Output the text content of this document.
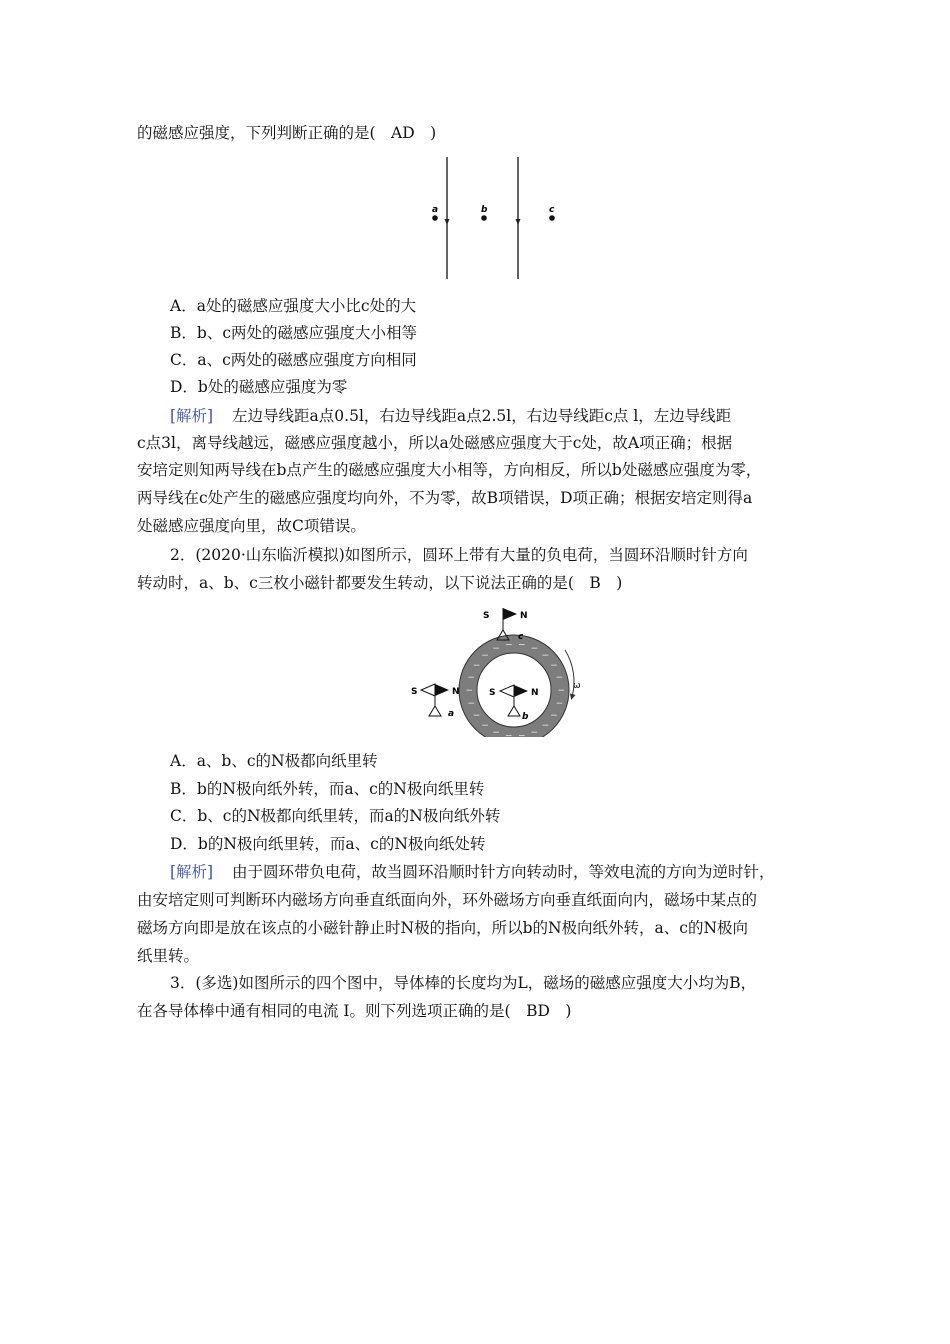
的磁感应强度，下列判断正确的是(　AD　)
a	b	c
A．a处的磁感应强度大小比c处的大
B．b、c两处的磁感应强度大小相等
C．a、c两处的磁感应强度方向相同
D．b处的磁感应强度为零
[解析] 左边导线距a点0.5l，右边导线距a点2.5l，右边导线距c点 l，左边导线距
c点3l，离导线越远，磁感应强度越小，所以a处磁感应强度大于c处，故A项正确；根据
安培定则知两导线在b点产生的磁感应强度大小相等，方向相反，所以b处磁感应强度为零，
两导线在c处产生的磁感应强度均向外，不为零，故B项错误，D项正确；根据安培定则得a
处磁感应强度向里，故C项错误。
2．(2020·山东临沂模拟)如图所示，圆环上带有大量的负电荷，当圆环沿顺时针方向
转动时，a、b、c三枚小磁针都要发生转动，以下说法正确的是(　B　)
−
−
−
−
−
−
−
−
−
−
−
−
−
−
−
− − − −
−
−
−
ω
S	N
c
S	N
a
S	N
b
A．a、b、c的N极都向纸里转
B．b的N极向纸外转，而a、c的N极向纸里转
C．b、c的N极都向纸里转，而a的N极向纸外转
D．b的N极向纸里转，而a、c的N极向纸处转
[解析] 由于圆环带负电荷，故当圆环沿顺时针方向转动时，等效电流的方向为逆时针，
由安培定则可判断环内磁场方向垂直纸面向外，环外磁场方向垂直纸面向内，磁场中某点的
磁场方向即是放在该点的小磁针静止时N极的指向，所以b的N极向纸外转，a、c的N极向
纸里转。
3．(多选)如图所示的四个图中，导体棒的长度均为L，磁场的磁感应强度大小均为B，
在各导体棒中通有相同的电流 I。则下列选项正确的是(　BD　)
